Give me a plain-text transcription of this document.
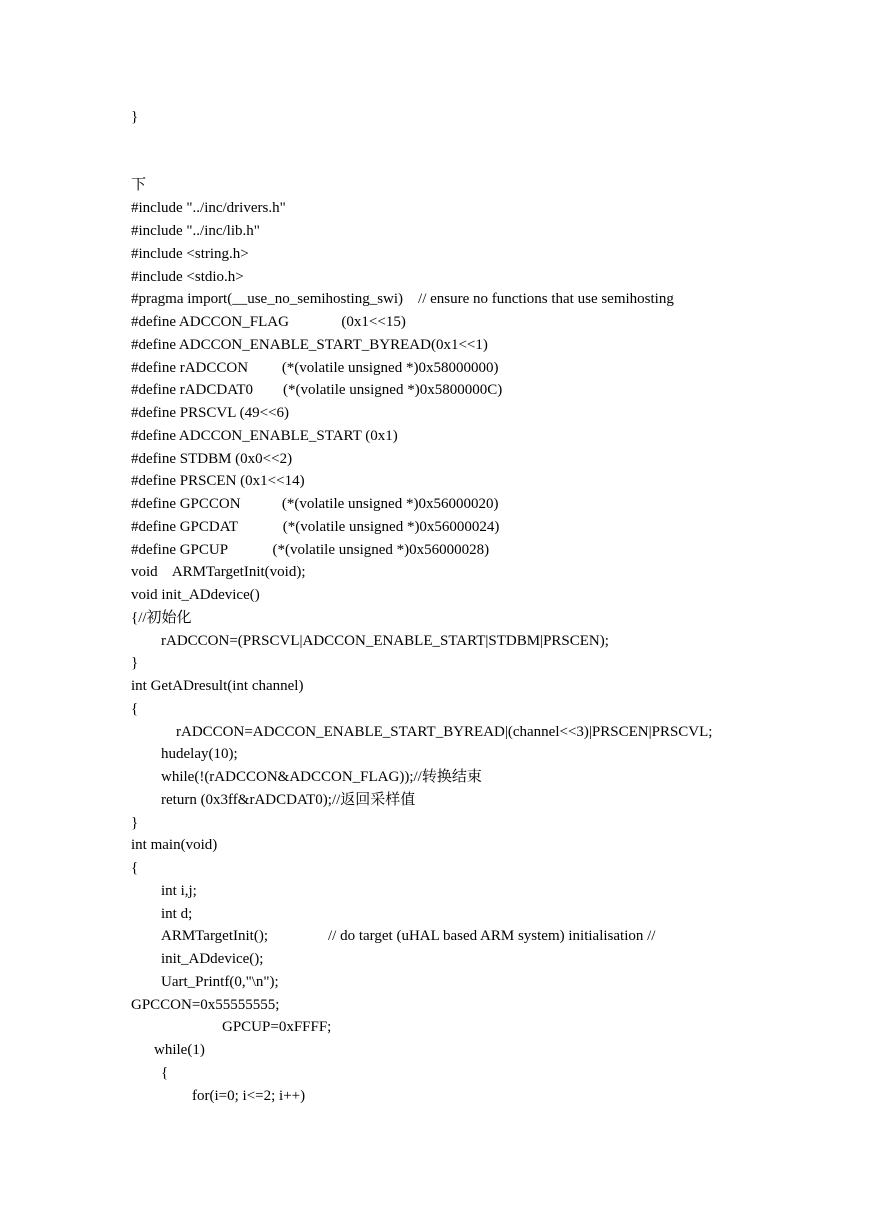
}
下
#include "../inc/drivers.h"
#include "../inc/lib.h"
#include <string.h>
#include <stdio.h>
#pragma import(__use_no_semihosting_swi)    // ensure no functions that use semihosting
#define ADCCON_FLAG              (0x1<<15)
#define ADCCON_ENABLE_START_BYREAD(0x1<<1)
#define rADCCON         (*(volatile unsigned *)0x58000000)
#define rADCDAT0        (*(volatile unsigned *)0x5800000C)
#define PRSCVL (49<<6)
#define ADCCON_ENABLE_START (0x1)
#define STDBM (0x0<<2)
#define PRSCEN (0x1<<14)
#define GPCCON           (*(volatile unsigned *)0x56000020)
#define GPCDAT            (*(volatile unsigned *)0x56000024)
#define GPCUP            (*(volatile unsigned *)0x56000028)
void    ARMTargetInit(void);
void init_ADdevice()
{//初始化
rADCCON=(PRSCVL|ADCCON_ENABLE_START|STDBM|PRSCEN);
}
int GetADresult(int channel)
{
rADCCON=ADCCON_ENABLE_START_BYREAD|(channel<<3)|PRSCEN|PRSCVL;
hudelay(10);
while(!(rADCCON&ADCCON_FLAG));//转换结束
return (0x3ff&rADCDAT0);//返回采样值
}
int main(void)
{
int i,j;
int d;
ARMTargetInit();                // do target (uHAL based ARM system) initialisation //
init_ADdevice();
Uart_Printf(0,"\n");
GPCCON=0x55555555;
GPCUP=0xFFFF;
while(1)
{
for(i=0; i<=2; i++)
